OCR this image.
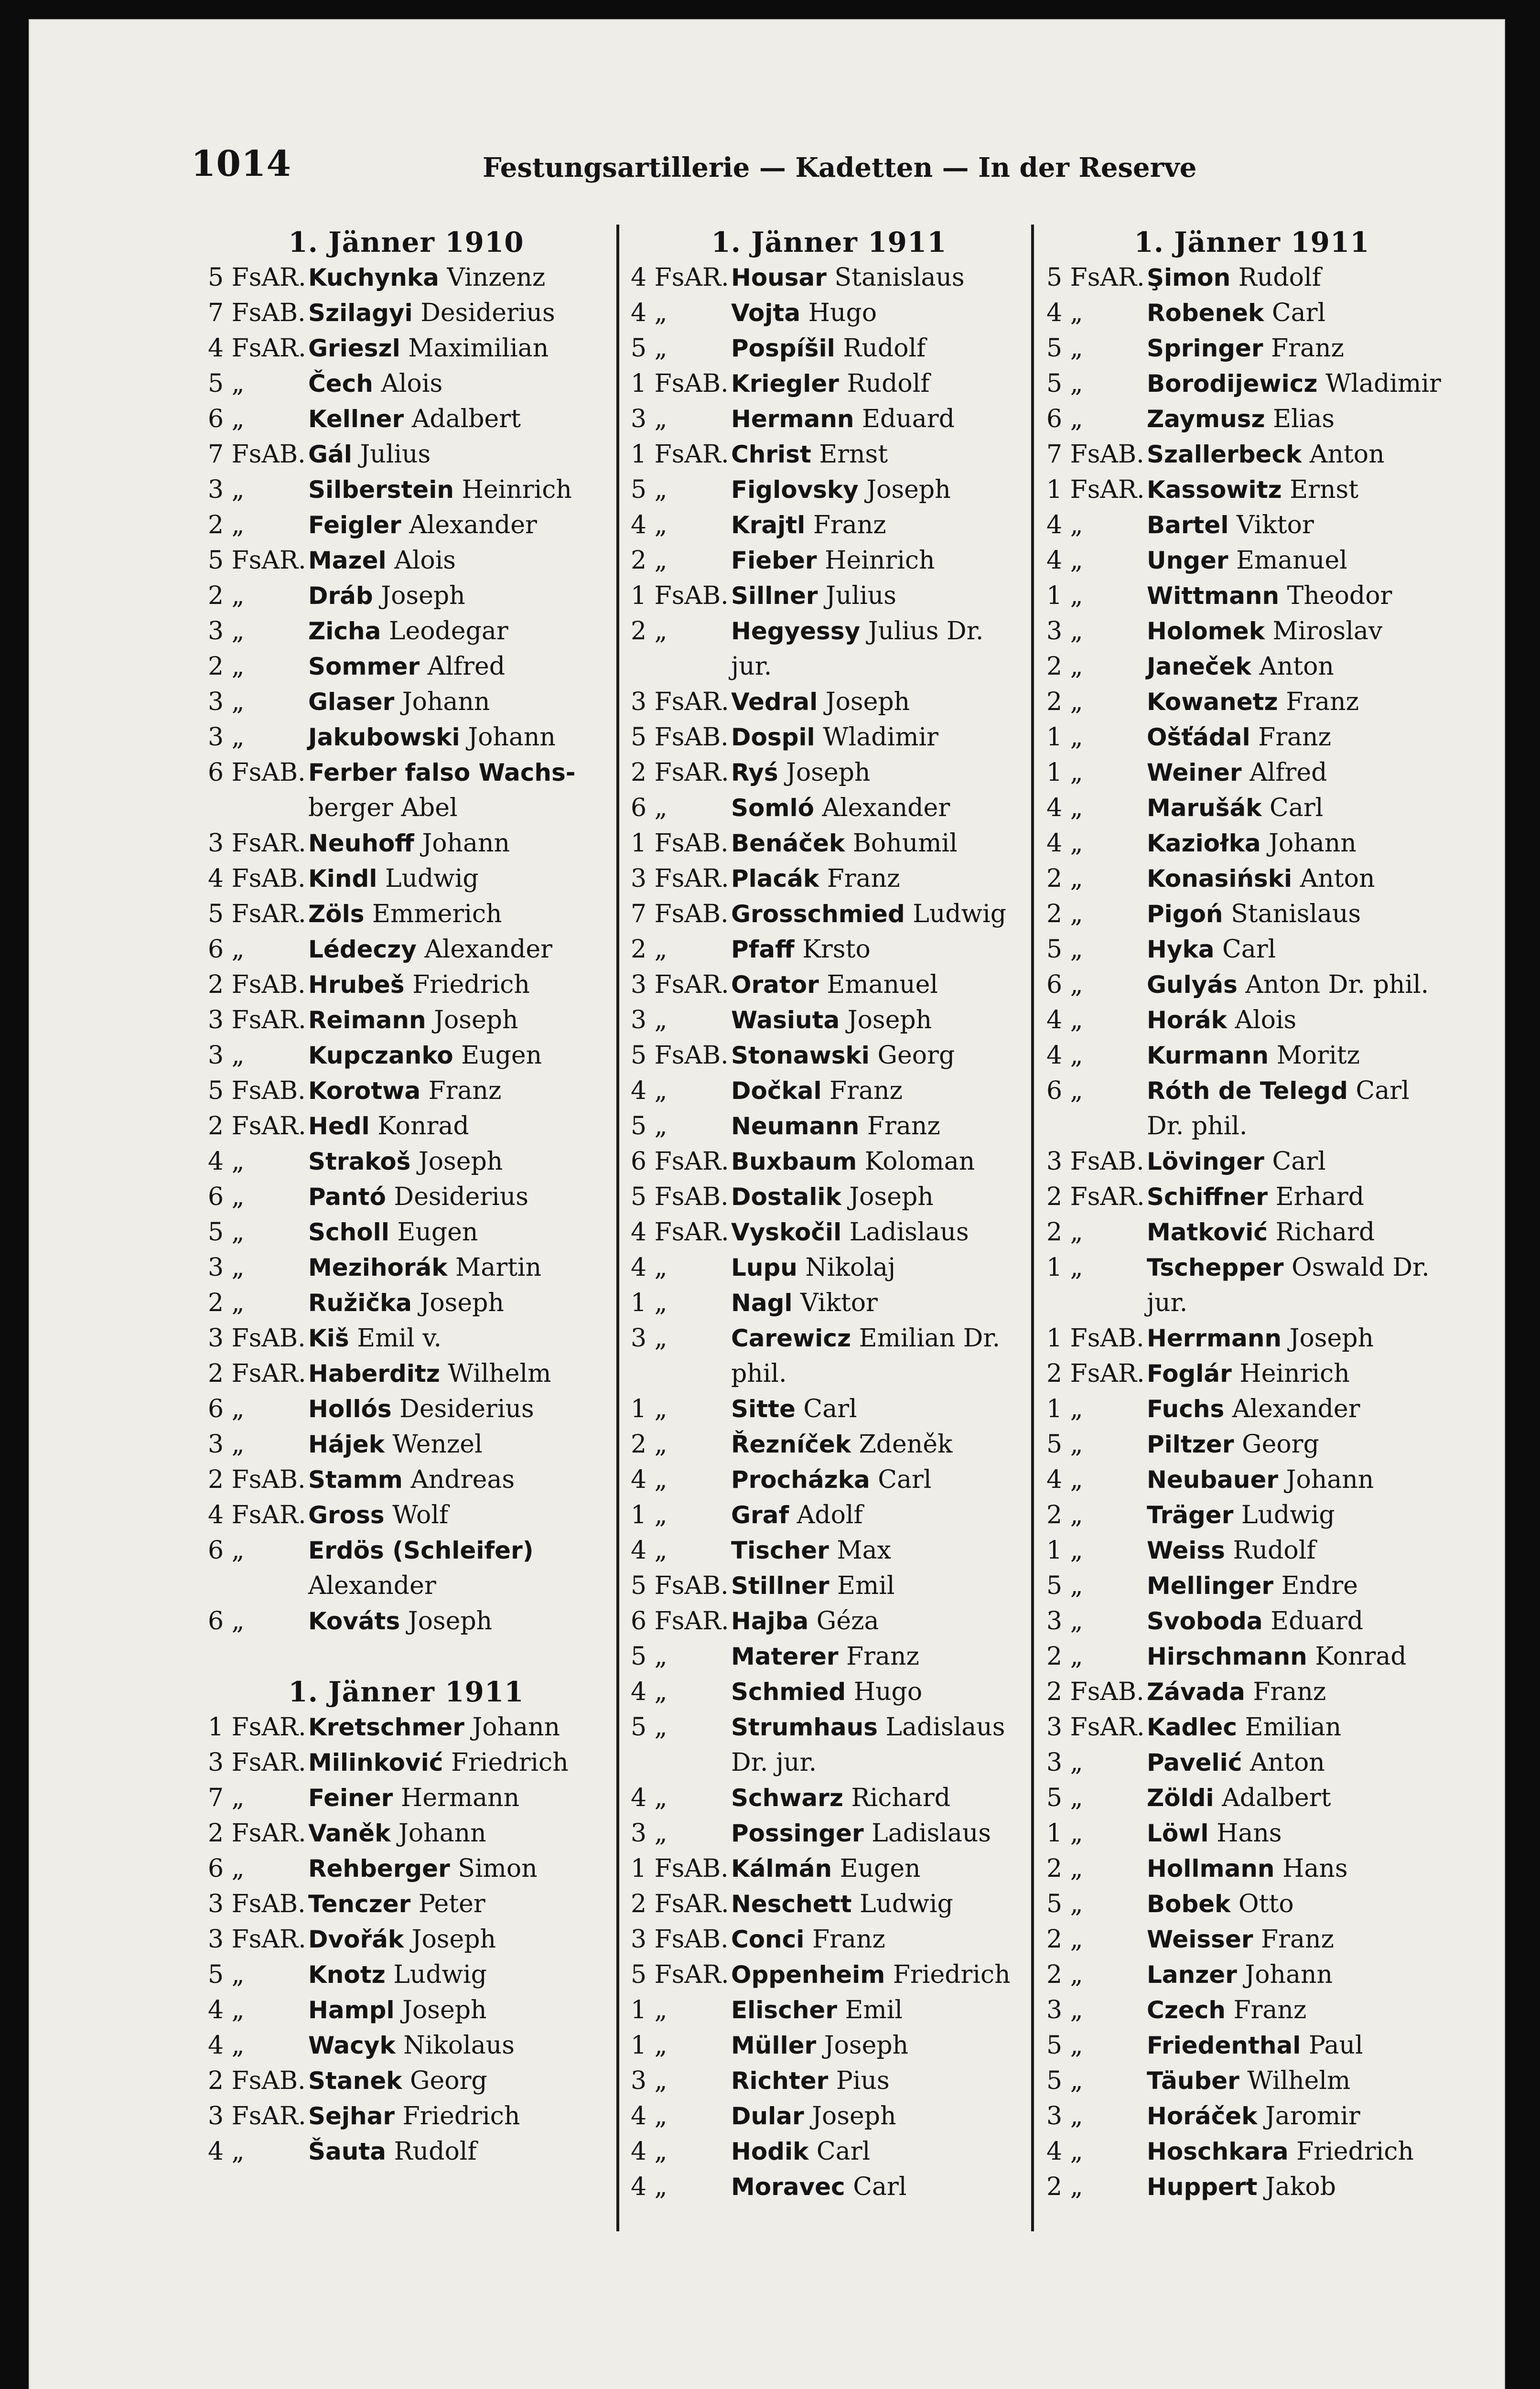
1014	Festungsartillerie — Kadetten — In der Reserve
1. Jänner 1910
5 FsAR.Kuchynka Vinzenz
7 FsAB. Szilagyi Desiderius
4 FsAR.Grieszl Maximilian
5 „	Čech Alois
6 „	Kellner Adalbert
7 FsAB. Gál Julius
3 „	Silberstein Heinrich
2 „	Feigler Alexander
5 FsAR.Mazel Alois
2 „	Dráb Joseph
3 „	Zicha Leodegar
2 „	Sommer Alfred
3 „	Glaser Johann
3 „	Jakubowski Johann
6 FsAB. Ferber falso Wachs-
berger Abel
3 FsAR.Neuhoff Johann
4 FsAB. Kindl Ludwig
5 FsAR.Zöls Emmerich
6 „	Lédeczy Alexander
2 FsAB. Hrubeš Friedrich
3 FsAR.Reimann Joseph
3 „	Kupczanko Eugen
5 FsAB. Korotwa Franz
2 FsAR.Hedl Konrad
4 „	Strakoš Joseph
6 „	Pantó Desiderius
5 „	Scholl Eugen
3 „	Mezihorák Martin
2 „	Ružička Joseph
3 FsAB. Kiš Emil v.
2 FsAR.Haberditz Wilhelm
6 „	Hollós Desiderius
3 „	Hájek Wenzel
2 FsAB. Stamm Andreas
4 FsAR.Gross Wolf
6 „	Erdös (Schleifer)
Alexander
6 „	Kováts Joseph
1. Jänner 1911
1 FsAR.Kretschmer Johann
3 FsAR.Milinković Friedrich
7 „	Feiner Hermann
2 FsAR.Vaněk Johann
6 „	Rehberger Simon
3 FsAB. Tenczer Peter
3 FsAR.Dvořák Joseph
5 „	Knotz Ludwig
4 „	Hampl Joseph
4 „	Wacyk Nikolaus
2 FsAB. Stanek Georg
3 FsAR.Sejhar Friedrich
4 „	Šauta Rudolf
1. Jänner 1911
4 FsAR.Housar Stanislaus
4 „	Vojta Hugo
5 „	Pospíšil Rudolf
1 FsAB. Kriegler Rudolf
3 „	Hermann Eduard
1 FsAR.Christ Ernst
5 „	Figlovsky Joseph
4 „	Krajtl Franz
2 „	Fieber Heinrich
1 FsAB. Sillner Julius
2 „	Hegyessy Julius Dr.
jur.
3 FsAR.Vedral Joseph
5 FsAB. Dospil Wladimir
2 FsAR.Ryś Joseph
6 „	Somló Alexander
1 FsAB. Benáček Bohumil
3 FsAR.Placák Franz
7 FsAB. Grosschmied Ludwig
2 „	Pfaff Krsto
3 FsAR.Orator Emanuel
3 „	Wasiuta Joseph
5 FsAB. Stonawski Georg
4 „	Dočkal Franz
5 „	Neumann Franz
6 FsAR.Buxbaum Koloman
5 FsAB. Dostalik Joseph
4 FsAR.Vyskočil Ladislaus
4 „	Lupu Nikolaj
1 „	Nagl Viktor
3 „	Carewicz Emilian Dr.
phil.
1 „	Sitte Carl
2 „	Řezníček Zdeněk
4 „	Procházka Carl
1 „	Graf Adolf
4 „	Tischer Max
5 FsAB. Stillner Emil
6 FsAR.Hajba Géza
5 „	Materer Franz
4 „	Schmied Hugo
5 „	Strumhaus Ladislaus
Dr. jur.
4 „	Schwarz Richard
3 „	Possinger Ladislaus
1 FsAB. Kálmán Eugen
2 FsAR.Neschett Ludwig
3 FsAB. Conci Franz
5 FsAR.Oppenheim Friedrich
1 „	Elischer Emil
1 „	Müller Joseph
3 „	Richter Pius
4 „	Dular Joseph
4 „	Hodik Carl
4 „	Moravec Carl
1. Jänner 1911
5 FsAR.Şimon Rudolf
4 „	Robenek Carl
5 „	Springer Franz
5 „	Borodijewicz Wladimir
6 „	Zaymusz Elias
7 FsAB. Szallerbeck Anton
1 FsAR.Kassowitz Ernst
4 „	Bartel Viktor
4 „	Unger Emanuel
1 „	Wittmann Theodor
3 „	Holomek Miroslav
2 „	Janeček Anton
2 „	Kowanetz Franz
1 „	Ošťádal Franz
1 „	Weiner Alfred
4 „	Marušák Carl
4 „	Kaziołka Johann
2 „	Konasiński Anton
2 „	Pigoń Stanislaus
5 „	Hyka Carl
6 „	Gulyás Anton Dr. phil.
4 „	Horák Alois
4 „	Kurmann Moritz
6 „	Róth de Telegd Carl
Dr. phil.
3 FsAB. Lövinger Carl
2 FsAR.Schiffner Erhard
2 „	Matković Richard
1 „	Tschepper Oswald Dr.
jur.
1 FsAB. Herrmann Joseph
2 FsAR.Foglár Heinrich
1 „	Fuchs Alexander
5 „	Piltzer Georg
4 „	Neubauer Johann
2 „	Träger Ludwig
1 „	Weiss Rudolf
5 „	Mellinger Endre
3 „	Svoboda Eduard
2 „	Hirschmann Konrad
2 FsAB. Závada Franz
3 FsAR.Kadlec Emilian
3 „	Pavelić Anton
5 „	Zöldi Adalbert
1 „	Löwl Hans
2 „	Hollmann Hans
5 „	Bobek Otto
2 „	Weisser Franz
2 „	Lanzer Johann
3 „	Czech Franz
5 „	Friedenthal Paul
5 „	Täuber Wilhelm
3 „	Horáček Jaromir
4 „	Hoschkara Friedrich
2 „	Huppert Jakob
